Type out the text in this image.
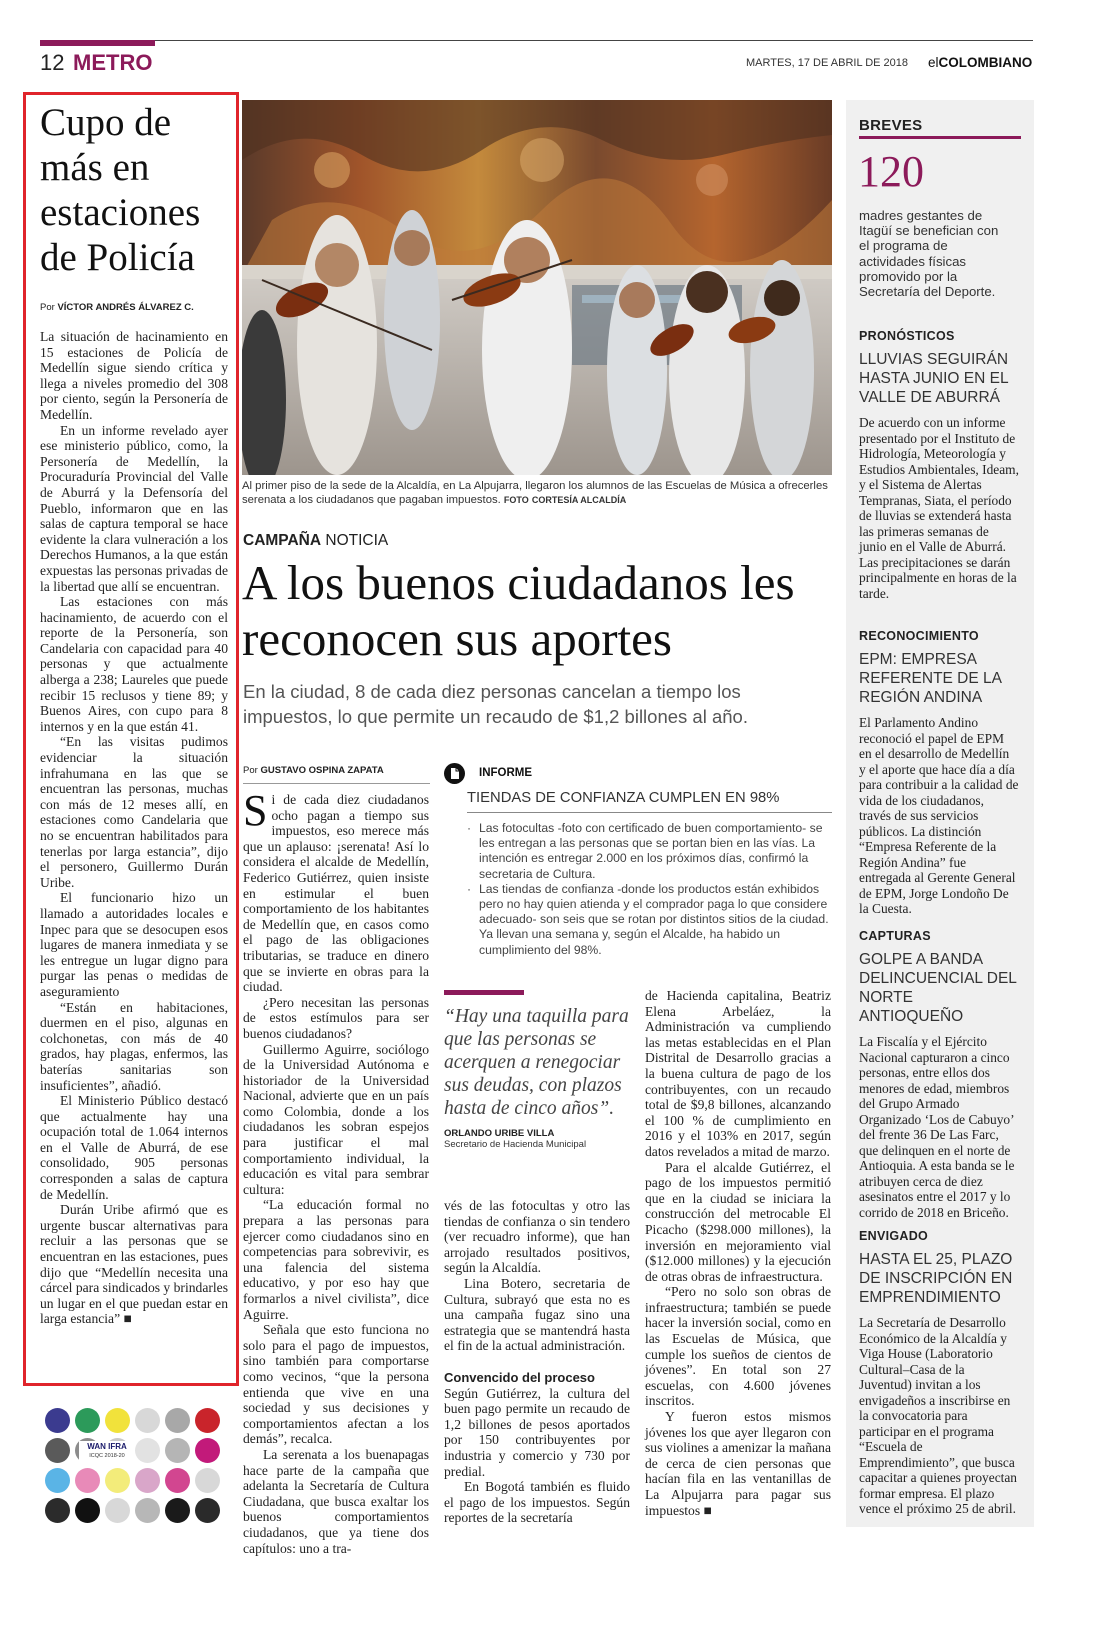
12 METRO	MARTES, 17 DE ABRIL DE 2018 elCOLOMBIANO
Cupo de más en estaciones de Policía
Por VÍCTOR ANDRÉS ÁLVAREZ C.

La situación de hacinamiento en 15 estaciones de Policía de Medellín sigue siendo crítica y llega a niveles promedio del 308 por ciento, según la Personería de Medellín.

En un informe revelado ayer ese ministerio público, como, la Personería de Medellín, la Procuraduría Provincial del Valle de Aburrá y la Defensoría del Pueblo, informaron que en las salas de captura temporal se hace evidente la clara vulneración a los Derechos Humanos, a la que están expuestas las personas privadas de la libertad que allí se encuentran.

Las estaciones con más hacinamiento, de acuerdo con el reporte de la Personería, son Candelaria con capacidad para 40 personas y que actualmente alberga a 238; Laureles que puede recibir 15 reclusos y tiene 89; y Buenos Aires, con cupo para 8 internos y en la que están 41.

“En las visitas pudimos evidenciar la situación infrahumana en las que se encuentran las personas, muchas con más de 12 meses allí, en estaciones como Candelaria que no se encuentran habilitados para tenerlas por larga estancia”, dijo el personero, Guillermo Durán Uribe.

El funcionario hizo un llamado a autoridades locales e Inpec para que se desocupen esos lugares de manera inmediata y se les entregue un lugar digno para purgar las penas o medidas de aseguramiento

“Están en habitaciones, duermen en el piso, algunas en colchonetas, con más de 40 grados, hay plagas, enfermos, las baterías sanitarias son insuficientes”, añadió.

El Ministerio Público destacó que actualmente hay una ocupación total de 1.064 internos en el Valle de Aburrá, de ese consolidado, 905 personas corresponden a salas de captura de Medellín.

Durán Uribe afirmó que es urgente buscar alternativas para recluir a las personas que se encuentran en las estaciones, pues dijo que “Medellín necesita una cárcel para sindicados y brindarles un lugar en el que puedan estar en larga estancia” ■

Al primer piso de la sede de la Alcaldía, en La Alpujarra, llegaron los alumnos de las Escuelas de Música a ofrecerles serenata a los ciudadanos que pagaban impuestos. FOTO CORTESÍA ALCALDÍA
CAMPAÑA NOTICIA
A los buenos ciudadanos les reconocen sus aportes
En la ciudad, 8 de cada diez personas cancelan a tiempo los impuestos, lo que permite un recaudo de $1,2 billones al año.
Por GUSTAVO OSPINA ZAPATA

Si de cada diez ciudadanos ocho pagan a tiempo sus impuestos, eso merece más que un aplauso: ¡serenata! Así lo considera el alcalde de Medellín, Federico Gutiérrez, quien insiste en estimular el buen comportamiento de los habitantes de Medellín que, en casos como el pago de las obligaciones tributarias, se traduce en dinero que se invierte en obras para la ciudad.

¿Pero necesitan las personas de estos estímulos para ser buenos ciudadanos?

Guillermo Aguirre, sociólogo de la Universidad Autónoma e historiador de la Universidad Nacional, advierte que en un país como Colombia, donde a los ciudadanos les sobran espejos para justificar el mal comportamiento individual, la educación es vital para sembrar cultura:

“La educación formal no prepara a las personas para ejercer como ciudadanos sino en competencias para sobrevivir, es una falencia del sistema educativo, y por eso hay que formarlos a nivel civilista”, dice Aguirre.

Señala que esto funciona no solo para el pago de impuestos, sino también para comportarse como vecinos, “que la persona entienda que vive en una sociedad y sus decisiones y comportamientos afectan a los demás”, recalca.

La serenata a los buenapagas hace parte de la campaña que adelanta la Secretaría de Cultura Ciudadana, que busca exaltar los buenos comportamientos ciudadanos, que ya tiene dos capítulos: uno a tra-

INFORME
TIENDAS DE CONFIANZA CUMPLEN EN 98%
· Las fotocultas -foto con certificado de buen comportamiento- se les entregan a las personas que se portan bien en las vías. La intención es entregar 2.000 en los próximos días, confirmó la secretaria de Cultura.
· Las tiendas de confianza -donde los productos están exhibidos pero no hay quien atienda y el comprador paga lo que considere adecuado- son seis que se rotan por distintos sitios de la ciudad. Ya llevan una semana y, según el Alcalde, ha habido un cumplimiento del 98%.
“Hay una taquilla para que las personas se acerquen a renegociar sus deudas, con plazos hasta de cinco años”.
ORLANDO URIBE VILLA
Secretario de Hacienda Municipal

vés de las fotocultas y otro las tiendas de confianza o sin tendero (ver recuadro informe), que han arrojado resultados positivos, según la Alcaldía.

Lina Botero, secretaria de Cultura, subrayó que esta no es una campaña fugaz sino una estrategia que se mantendrá hasta el fin de la actual administración.

Convencido del proceso

Según Gutiérrez, la cultura del buen pago permite un recaudo de 1,2 billones de pesos aportados por 150 contribuyentes por industria y comercio y 730 por predial.

En Bogotá también es fluido el pago de los impuestos. Según reportes de la secretaría

de Hacienda capitalina, Beatriz Elena Arbeláez, la Administración va cumpliendo las metas establecidas en el Plan Distrital de Desarrollo gracias a la buena cultura de pago de los contribuyentes, con un recaudo total de $9,8 billones, alcanzando el 100 % de cumplimiento en 2016 y el 103% en 2017, según datos revelados a mitad de marzo.

Para el alcalde Gutiérrez, el pago de los impuestos permitió que en la ciudad se iniciara la construcción del metrocable El Picacho ($298.000 millones), la inversión en mejoramiento vial ($12.000 millones) y la ejecución de otras obras de infraestructura.

“Pero no solo son obras de infraestructura; también se puede hacer la inversión social, como en las Escuelas de Música, que cumple los sueños de cientos de jóvenes”. En total son 27 escuelas, con 4.600 jóvenes inscritos.

Y fueron estos mismos jóvenes los que ayer llegaron con sus violines a amenizar la mañana de cerca de cien personas que hacían fila en las ventanillas de La Alpujarra para pagar sus impuestos ■

BREVES
120
madres gestantes de Itagüí se benefician con el programa de actividades físicas promovido por la Secretaría del Deporte.
PRONÓSTICOS
LLUVIAS SEGUIRÁN HASTA JUNIO EN EL VALLE DE ABURRÁ
De acuerdo con un informe presentado por el Instituto de Hidrología, Meteorología y Estudios Ambientales, Ideam, y el Sistema de Alertas Tempranas, Siata, el período de lluvias se extenderá hasta las primeras semanas de junio en el Valle de Aburrá. Las precipitaciones se darán principalmente en horas de la tarde.
RECONOCIMIENTO
EPM: EMPRESA REFERENTE DE LA REGIÓN ANDINA
El Parlamento Andino reconoció el papel de EPM en el desarrollo de Medellín y el aporte que hace día a día para contribuir a la calidad de vida de los ciudadanos, través de sus servicios públicos. La distinción “Empresa Referente de la Región Andina” fue entregada al Gerente General de EPM, Jorge Londoño De la Cuesta.
CAPTURAS
GOLPE A BANDA DELINCUENCIAL DEL NORTE ANTIOQUEÑO
La Fiscalía y el Ejército Nacional capturaron a cinco personas, entre ellos dos menores de edad, miembros del Grupo Armado Organizado ‘Los de Cabuyo’ del frente 36 De Las Farc, que delinquen en el norte de Antioquia. A esta banda se le atribuyen cerca de diez asesinatos entre el 2017 y lo corrido de 2018 en Briceño.
ENVIGADO
HASTA EL 25, PLAZO DE INSCRIPCIÓN EN EMPRENDIMIENTO
La Secretaría de Desarrollo Económico de la Alcaldía y Viga House (Laboratorio Cultural–Casa de la Juventud) invitan a los envigadeños a inscribirse en la convocatoria para participar en el programa “Escuela de Emprendimiento”, que busca capacitar a quienes proyectan formar empresa. El plazo vence el próximo 25 de abril.
WAN IFRA
ICQC 2018-20
